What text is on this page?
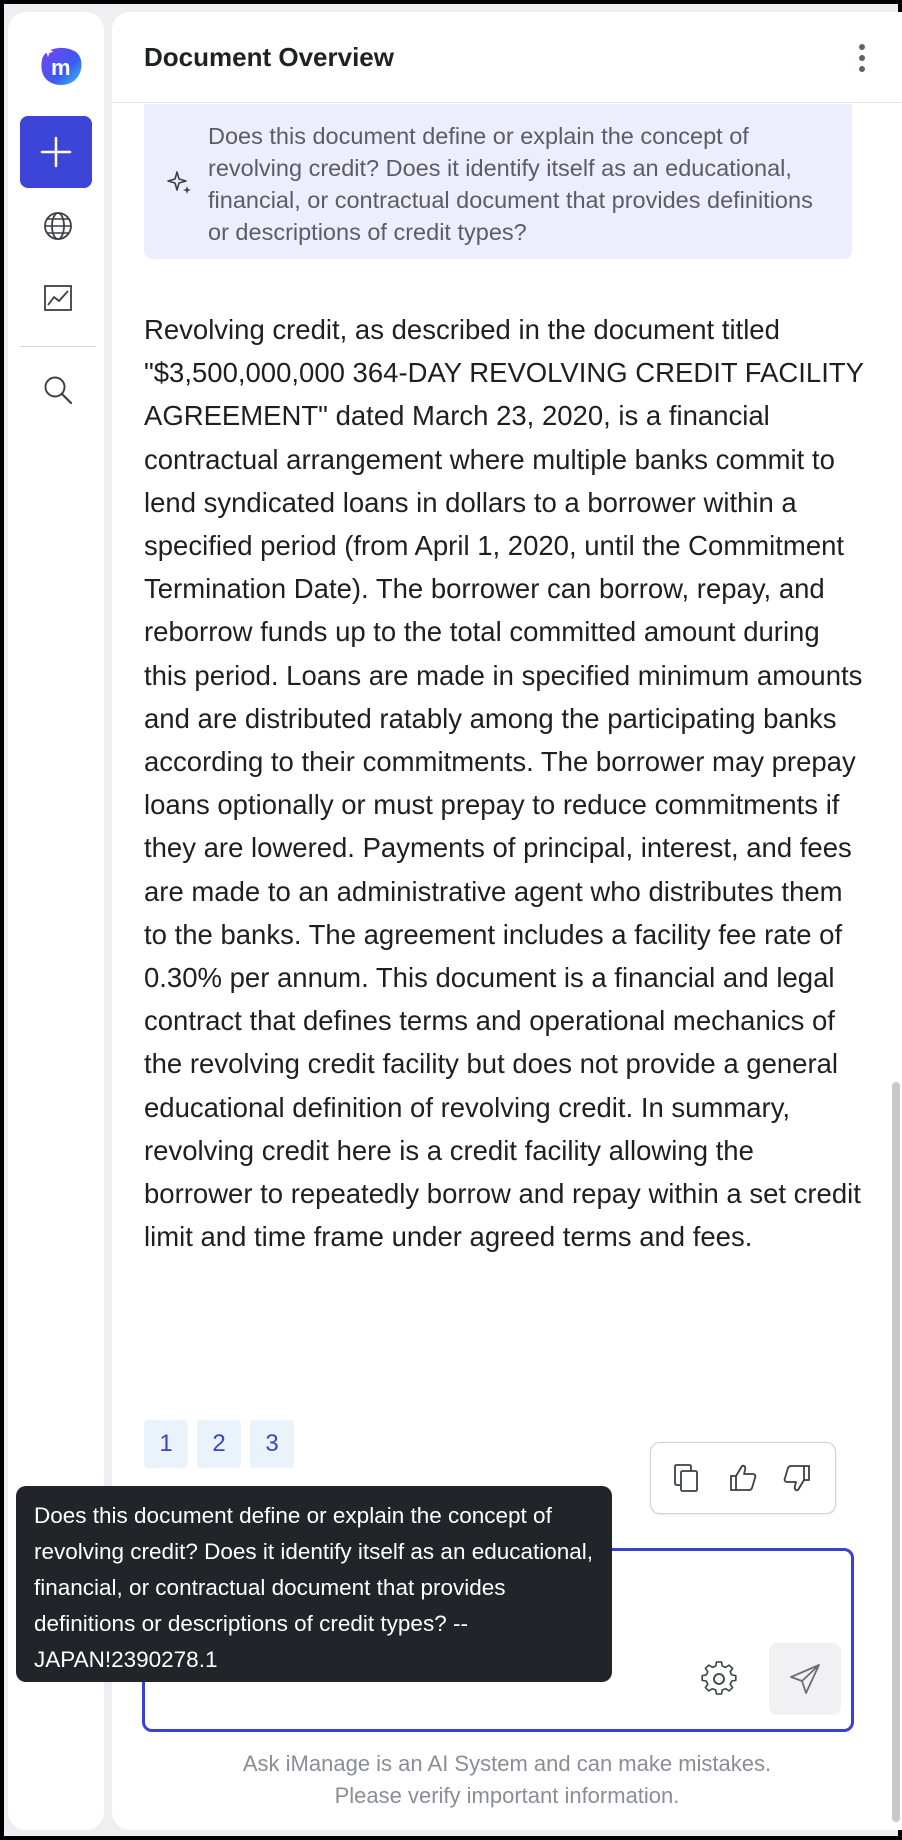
m	Document Overview
Does this document define or explain the concept of revolving credit? Does it identify itself as an educational, financial, or contractual document that provides definitions or descriptions of credit types?
Revolving credit, as described in the document titled "$3,500,000,000 364-DAY REVOLVING CREDIT FACILITY AGREEMENT" dated March 23, 2020, is a financial contractual arrangement where multiple banks commit to lend syndicated loans in dollars to a borrower within a specified period (from April 1, 2020, until the Commitment Termination Date). The borrower can borrow, repay, and reborrow funds up to the total committed amount during this period. Loans are made in specified minimum amounts and are distributed ratably among the participating banks according to their commitments. The borrower may prepay loans optionally or must prepay to reduce commitments if they are lowered. Payments of principal, interest, and fees are made to an administrative agent who distributes them to the banks. The agreement includes a facility fee rate of 0.30% per annum. This document is a financial and legal contract that defines terms and operational mechanics of the revolving credit facility but does not provide a general educational definition of revolving credit. In summary, revolving credit here is a credit facility allowing the borrower to repeatedly borrow and repay within a set credit limit and time frame under agreed terms and fees.
1	2	3
Ask iManage is an AI System and can make mistakes.
Please verify important information.
Does this document define or explain the concept of revolving credit? Does it identify itself as an educational, financial, or contractual document that provides definitions or descriptions of credit types? -- JAPAN!2390278.1
